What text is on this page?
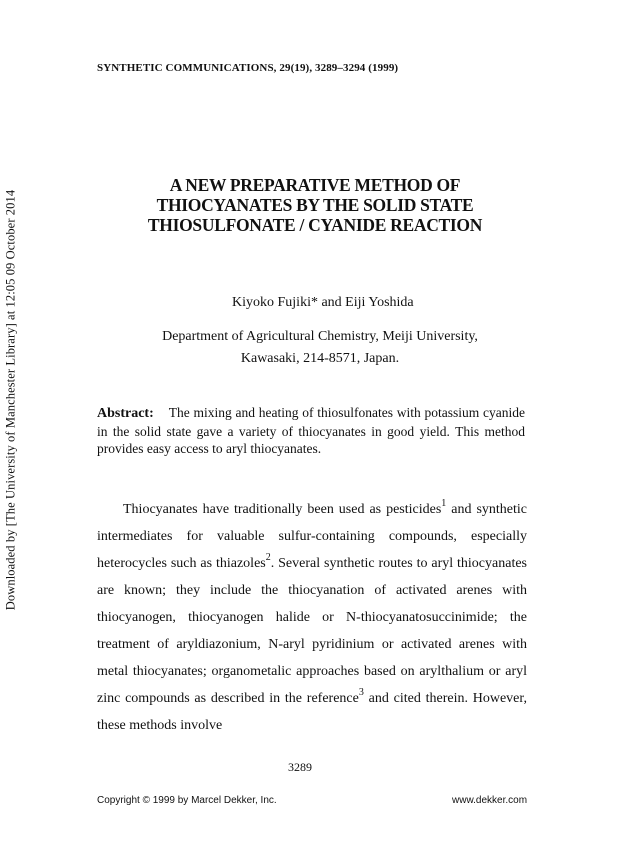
Downloaded by [The University of Manchester Library] at 12:05 09 October 2014
SYNTHETIC COMMUNICATIONS, 29(19), 3289–3294 (1999)
A NEW PREPARATIVE METHOD OF
THIOCYANATES BY THE SOLID STATE
THIOSULFONATE / CYANIDE REACTION
Kiyoko Fujiki* and Eiji Yoshida
Department of Agricultural Chemistry, Meiji University,
Kawasaki, 214-8571, Japan.
Abstract: The mixing and heating of thiosulfonates with potassium cyanide in the solid state gave a variety of thiocyanates in good yield. This method provides easy access to aryl thiocyanates.

Thiocyanates have traditionally been used as pesticides$^1$ and synthetic intermediates for valuable sulfur-containing compounds, especially heterocycles such as thiazoles$^2$. Several synthetic routes to aryl thiocyanates are known; they include the thiocyanation of activated arenes with thiocyanogen, thiocyanogen halide or N-thiocyanatosuccinimide; the treatment of aryldiazonium, N-aryl pyridinium or activated arenes with metal thiocyanates; organometalic approaches based on arylthalium or aryl zinc compounds as described in the reference$^3$ and cited therein. However, these methods involve

3289
Copyright © 1999 by Marcel Dekker, Inc.	www.dekker.com
